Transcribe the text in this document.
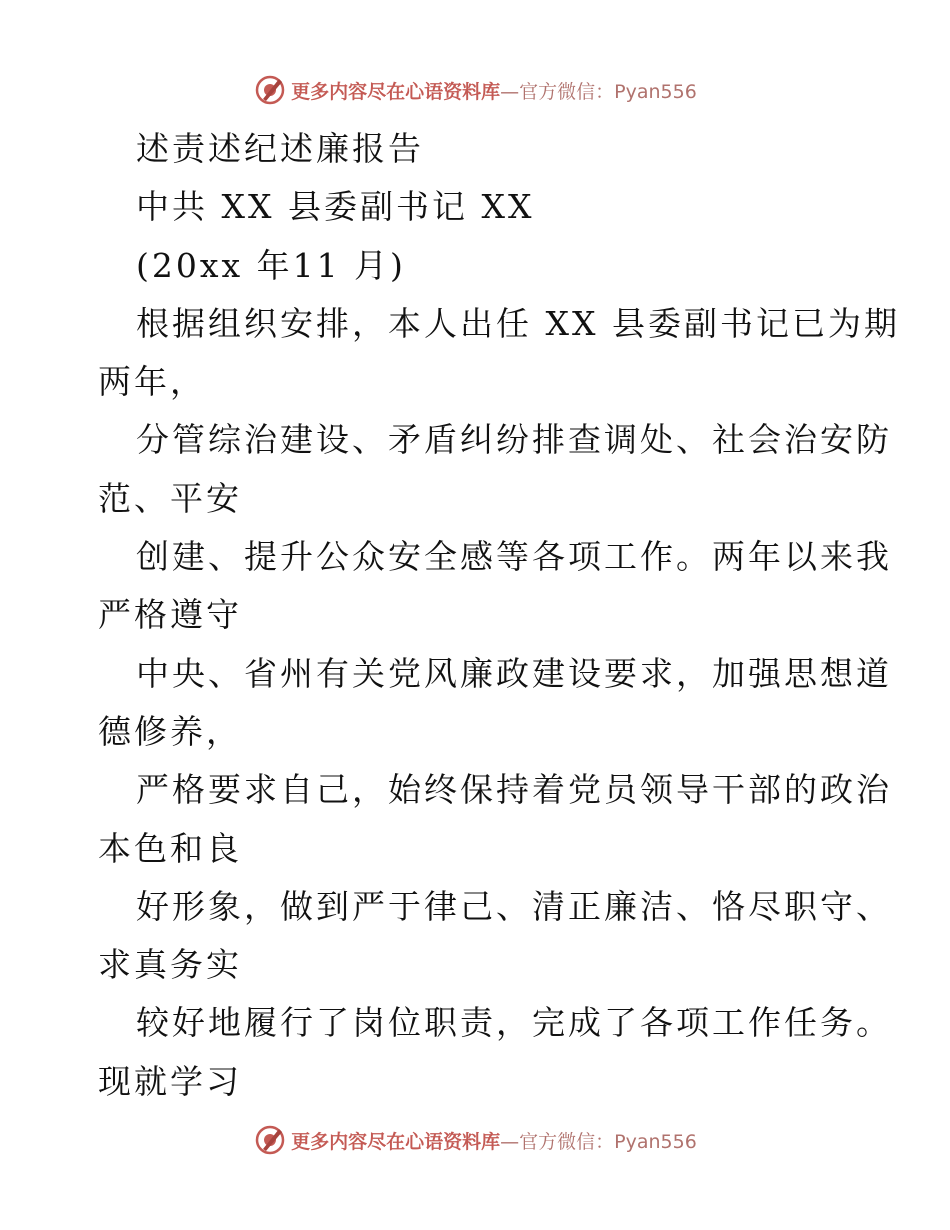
更多内容尽在心语资料库 —官方微信：Pyan556
述责述纪述廉报告
中共 XX 县委副书记 XX
(20xx 年11 月)
根据组织安排，本人出任 XX 县委副书记已为期
两年，
分管综治建设、矛盾纠纷排查调处、社会治安防
范、平安
创建、提升公众安全感等各项工作。两年以来我
严格遵守
中央、省州有关党风廉政建设要求，加强思想道
德修养，
严格要求自己，始终保持着党员领导干部的政治
本色和良
好形象，做到严于律己、清正廉洁、恪尽职守、
求真务实
较好地履行了岗位职责，完成了各项工作任务。
现就学习
更多内容尽在心语资料库 —官方微信：Pyan556
